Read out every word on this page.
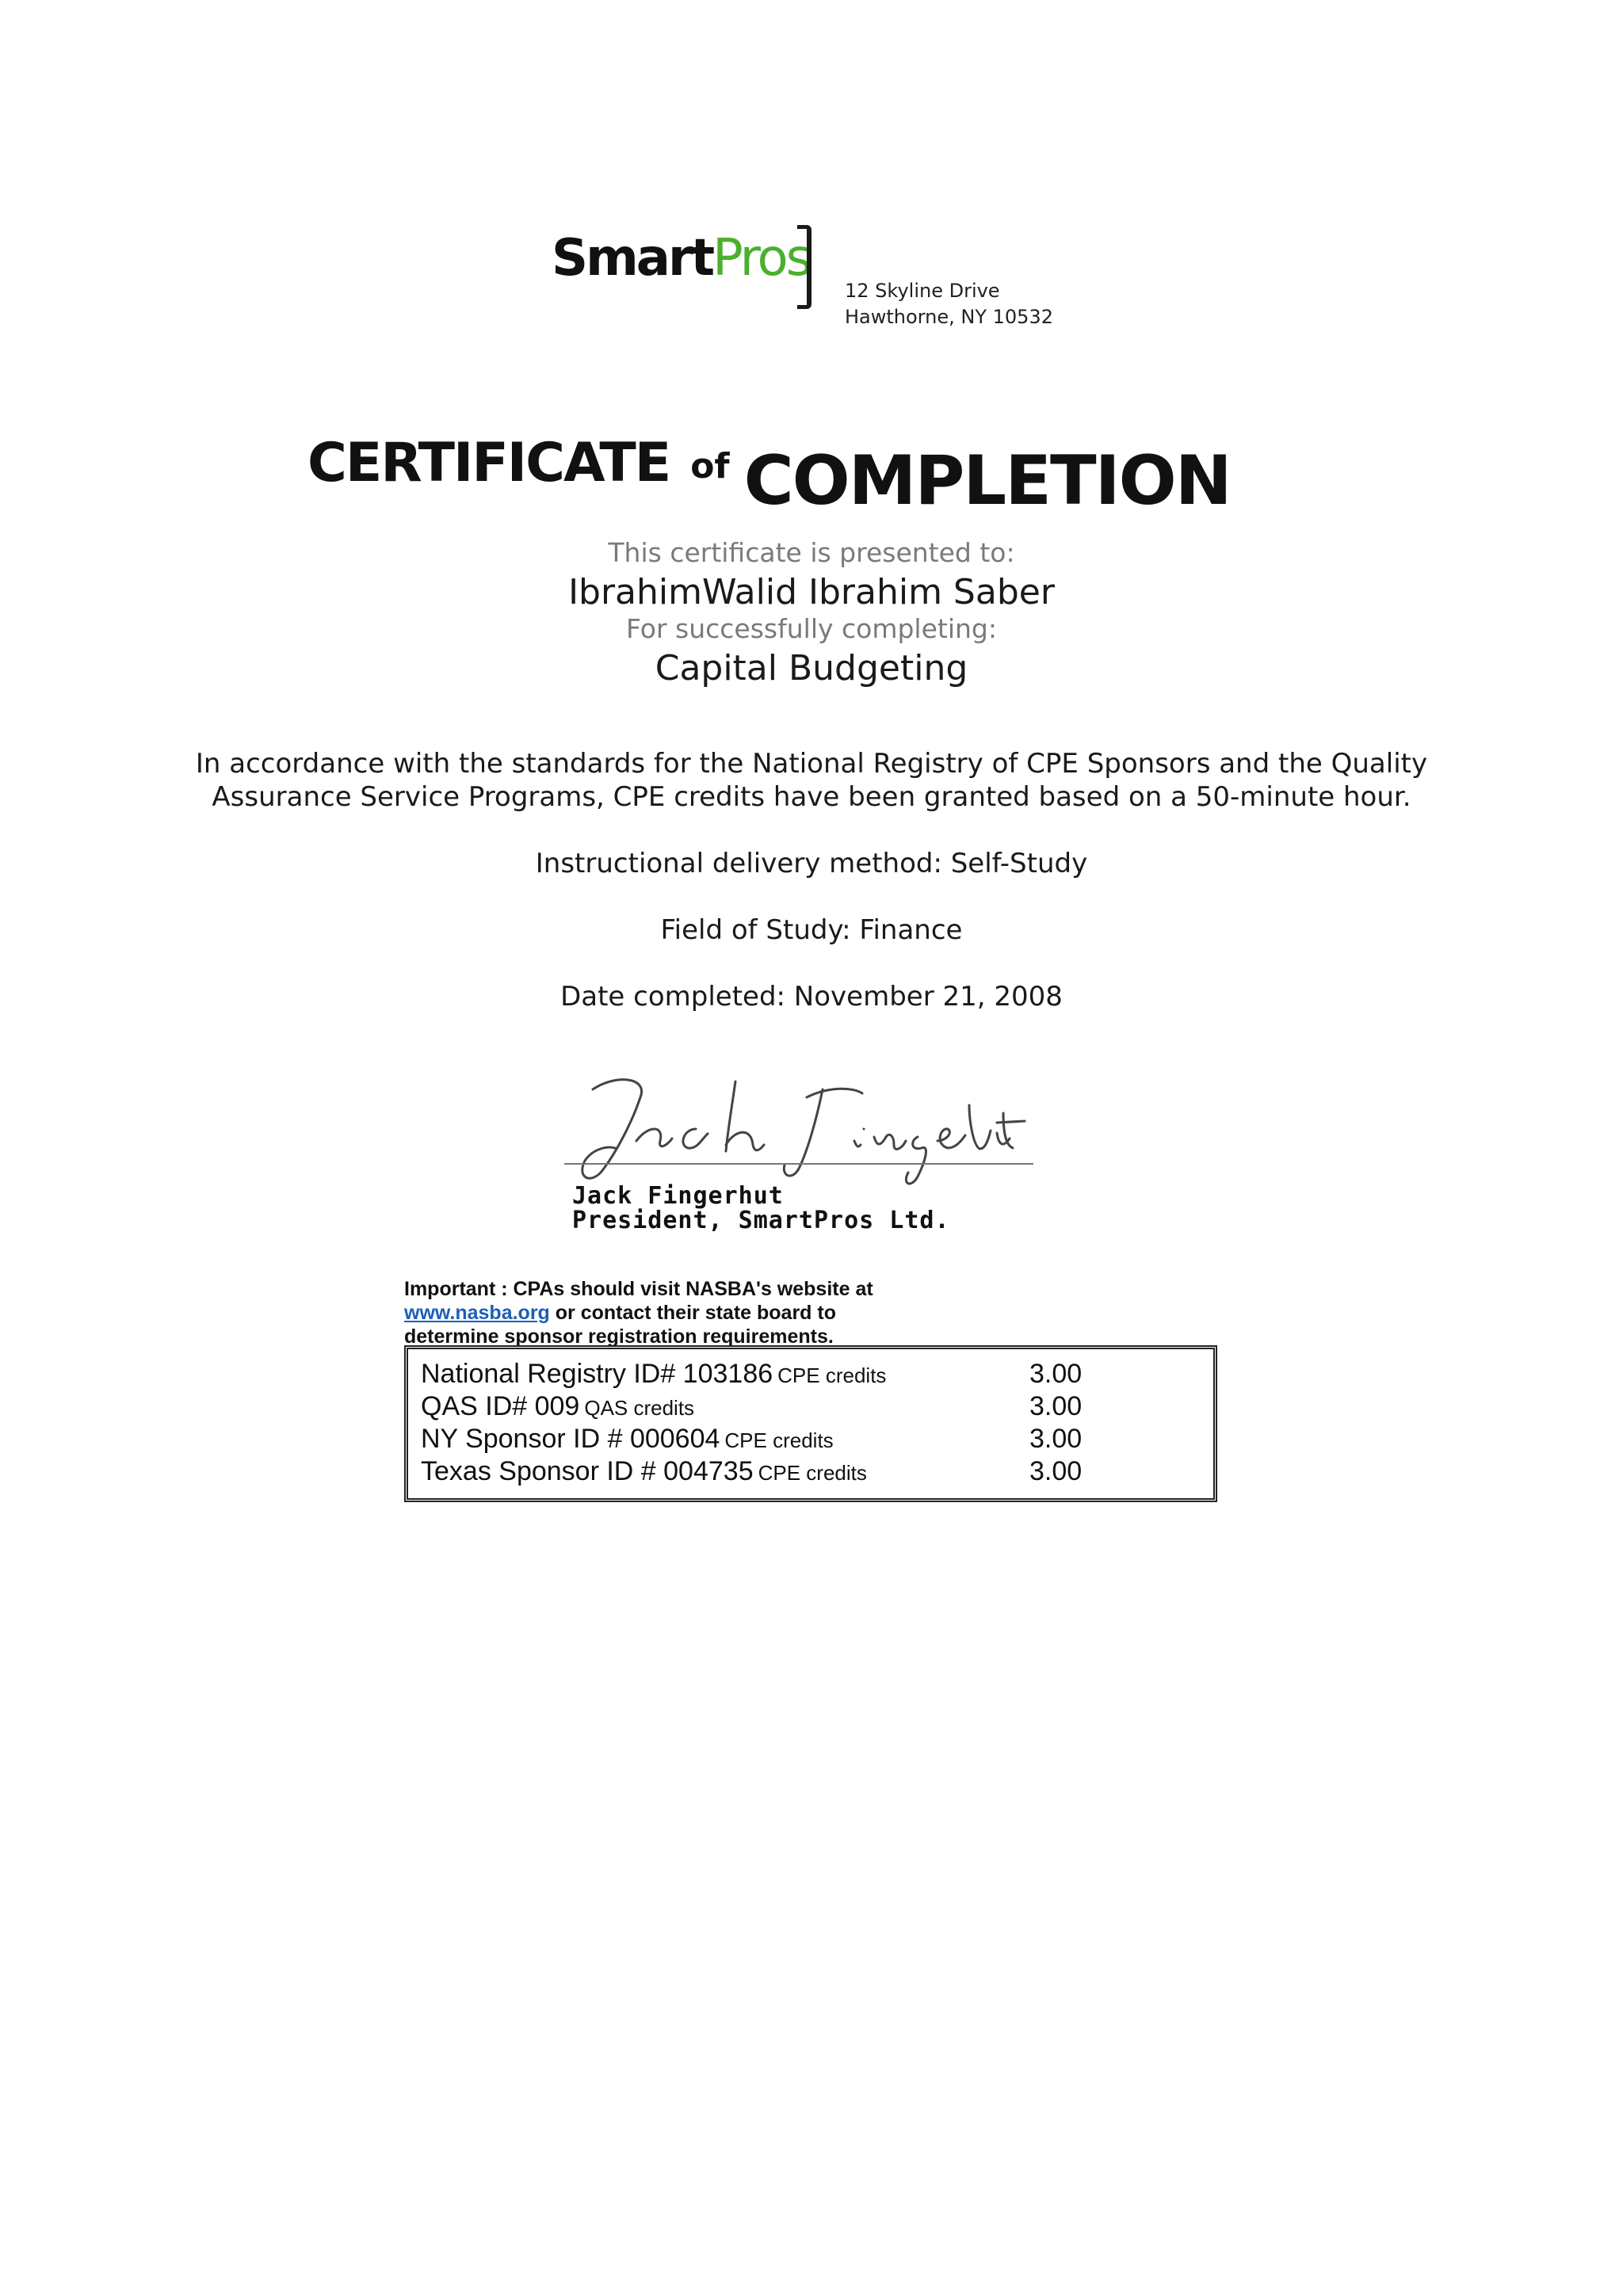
SmartPros
12 Skyline Drive
Hawthorne, NY 10532
CERTIFICATE of COMPLETION
This certificate is presented to:
IbrahimWalid Ibrahim Saber
For successfully completing:
Capital Budgeting
In accordance with the standards for the National Registry of CPE Sponsors and the Quality
Assurance Service Programs, CPE credits have been granted based on a 50-minute hour.
Instructional delivery method: Self-Study
Field of Study: Finance
Date completed: November 21, 2008
Jack Fingerhut
President, SmartPros Ltd.
Important : CPAs should visit NASBA's website at
www.nasba.org or contact their state board to
determine sponsor registration requirements.
National Registry ID# 103186 CPE credits	3.00
QAS ID# 009 QAS credits	3.00
NY Sponsor ID # 000604 CPE credits	3.00
Texas Sponsor ID # 004735 CPE credits	3.00
